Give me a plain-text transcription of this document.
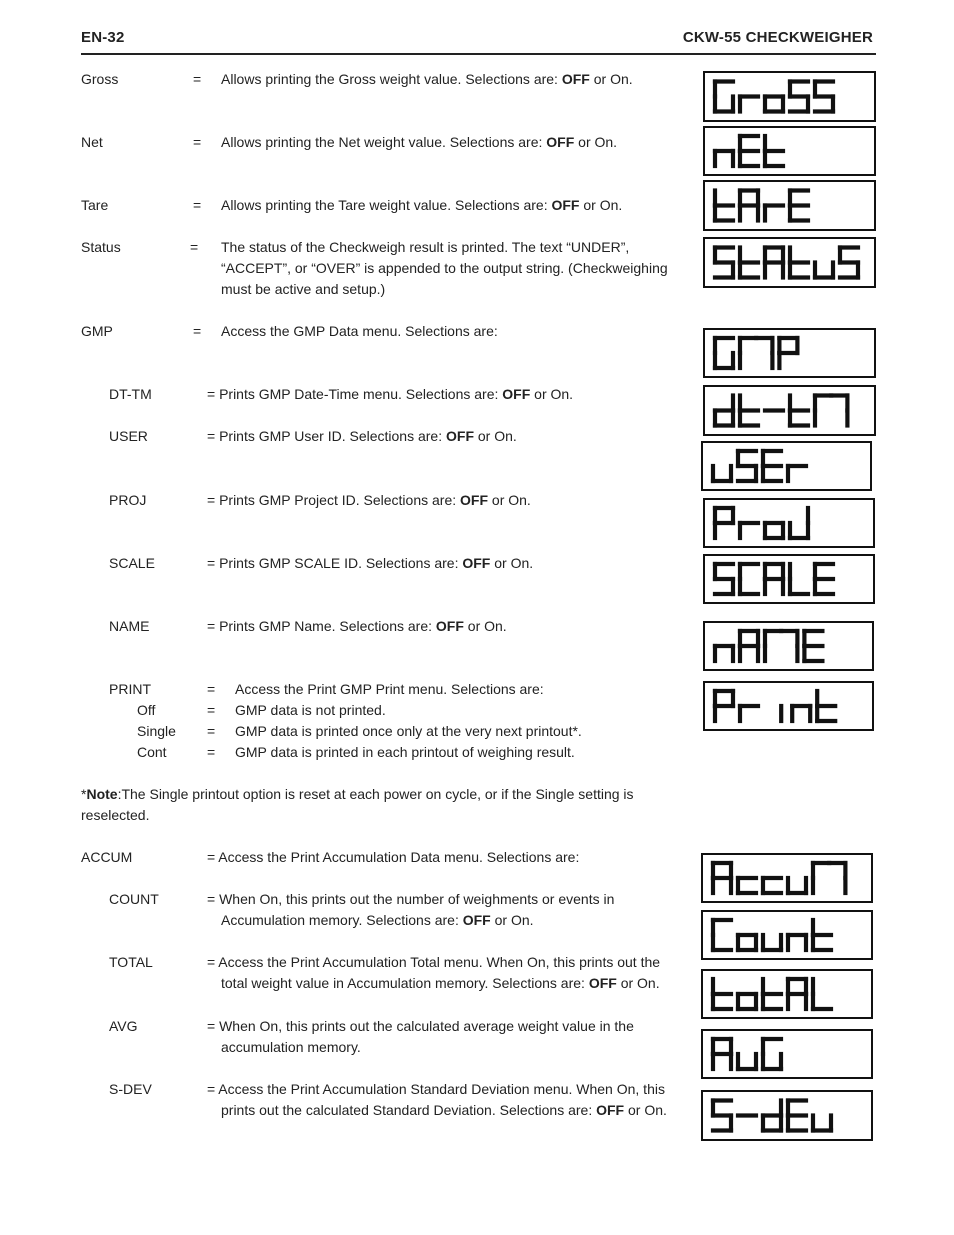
EN-32	CKW-55 CHECKWEIGHER
Gross	= Allows printing the Gross weight value. Selections are: OFF or On.
Net	= Allows printing the Net weight value. Selections are: OFF or On.
Tare	= Allows printing the Tare weight value. Selections are: OFF or On.
Status	= The status of the Checkweigh result is printed. The text “UNDER”,
“ACCEPT”, or “OVER” is appended to the output string. (Checkweighing
must be active and setup.)
GMP	= Access the GMP Data menu. Selections are:
DT-TM	= Prints GMP Date-Time menu. Selections are: OFF or On.
USER	= Prints GMP User ID. Selections are: OFF or On.
PROJ	= Prints GMP Project ID. Selections are: OFF or On.
SCALE	= Prints GMP SCALE ID. Selections are: OFF or On.
NAME	= Prints GMP Name. Selections are: OFF or On.
PRINT	= Access the Print GMP Print menu. Selections are:
Off	= GMP data is not printed.
Single = GMP data is printed once only at the very next printout*.
Cont	= GMP data is printed in each printout of weighing result.
*Note:The Single printout option is reset at each power on cycle, or if the Single setting is
reselected.
ACCUM	= Access the Print Accumulation Data menu. Selections are:
COUNT	= When On, this prints out the number of weighments or events in
Accumulation memory. Selections are: OFF or On.
TOTAL	= Access the Print Accumulation Total menu. When On, this prints out the
total weight value in Accumulation memory. Selections are: OFF or On.
AVG	= When On, this prints out the calculated average weight value in the
accumulation memory.
S-DEV	= Access the Print Accumulation Standard Deviation menu. When On, this
prints out the calculated Standard Deviation. Selections are: OFF or On.
